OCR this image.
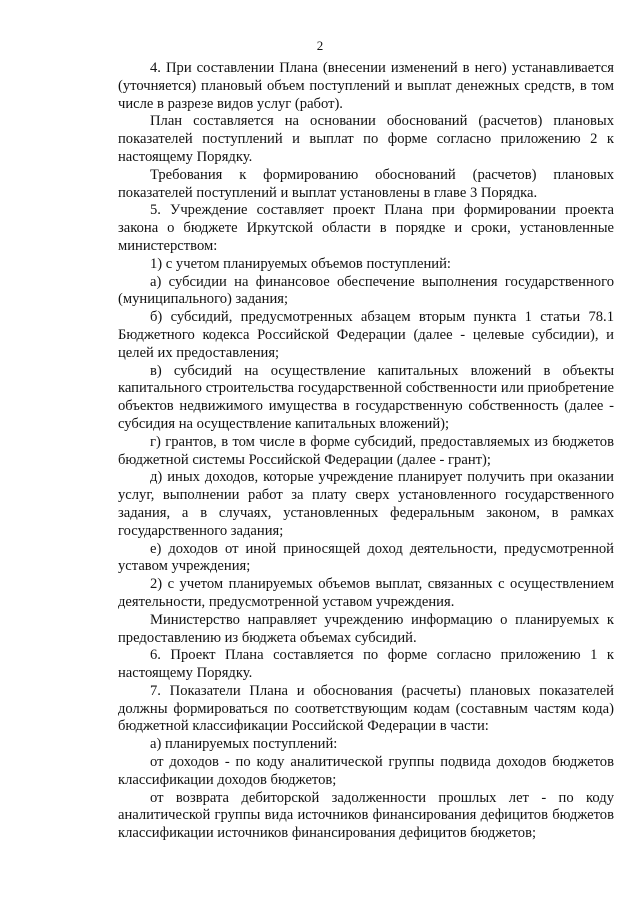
2

4. При составлении Плана (внесении изменений в него) устанавливается (уточняется) плановый объем поступлений и выплат денежных средств, в том числе в разрезе видов услуг (работ).

План составляется на основании обоснований (расчетов) плановых показателей поступлений и выплат по форме согласно приложению 2 к настоящему Порядку.

Требования к формированию обоснований (расчетов) плановых показателей поступлений и выплат установлены в главе 3 Порядка.

5. Учреждение составляет проект Плана при формировании проекта закона о бюджете Иркутской области в порядке и сроки, установленные министерством:

1) с учетом планируемых объемов поступлений:

а) субсидии на финансовое обеспечение выполнения государственного (муниципального) задания;

б) субсидий, предусмотренных абзацем вторым пункта 1 статьи 78.1 Бюджетного кодекса Российской Федерации (далее - целевые субсидии), и целей их предоставления;

в) субсидий на осуществление капитальных вложений в объекты капитального строительства государственной собственности или приобретение объектов недвижимого имущества в государственную собственность (далее - субсидия на осуществление капитальных вложений);

г) грантов, в том числе в форме субсидий, предоставляемых из бюджетов бюджетной системы Российской Федерации (далее - грант);

д) иных доходов, которые учреждение планирует получить при оказании услуг, выполнении работ за плату сверх установленного государственного задания, а в случаях, установленных федеральным законом, в рамках государственного задания;

е) доходов от иной приносящей доход деятельности, предусмотренной уставом учреждения;

2) с учетом планируемых объемов выплат, связанных с осуществлением деятельности, предусмотренной уставом учреждения.

Министерство направляет учреждению информацию о планируемых к предоставлению из бюджета объемах субсидий.

6. Проект Плана составляется по форме согласно приложению 1 к настоящему Порядку.

7. Показатели Плана и обоснования (расчеты) плановых показателей должны формироваться по соответствующим кодам (составным частям кода) бюджетной классификации Российской Федерации в части:

а) планируемых поступлений:

от доходов - по коду аналитической группы подвида доходов бюджетов классификации доходов бюджетов;

от возврата дебиторской задолженности прошлых лет - по коду аналитической группы вида источников финансирования дефицитов бюджетов классификации источников финансирования дефицитов бюджетов;
